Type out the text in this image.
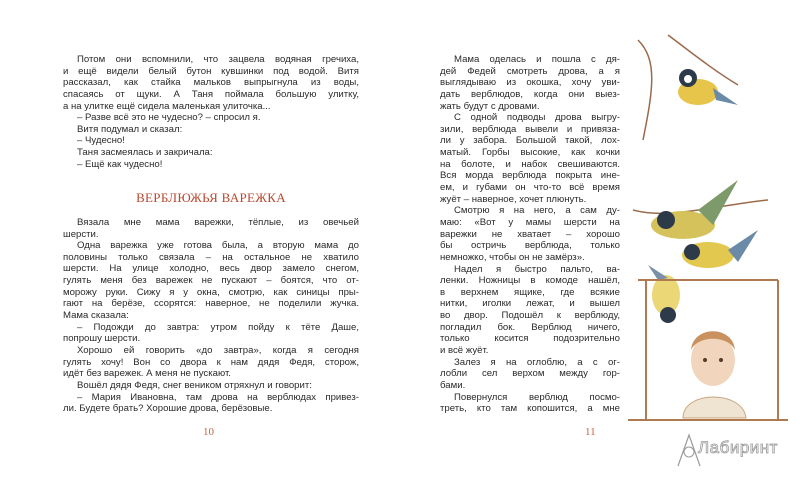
Потом они вспомнили, что зацвела водяная гречиха,
и ещё видели белый бутон кувшинки под водой. Витя
рассказал, как стайка мальков выпрыгнула из воды,
спасаясь от щуки. А Таня поймала большую улитку,
а на улитке ещё сидела маленькая улиточка...
– Разве всё это не чудесно? – спросил я.
Витя подумал и сказал:
– Чудесно!
Таня засмеялась и закричала:
– Ещё как чудесно!
ВЕРБЛЮЖЬЯ ВАРЕЖКА
Вязала мне мама варежки, тёплые, из овечьей
шерсти.
Одна варежка уже готова была, а вторую мама до
половины только связала – на остальное не хватило
шерсти. На улице холодно, весь двор замело снегом,
гулять меня без варежек не пускают – боятся, что от-
морожу руки. Сижу я у окна, смотрю, как синицы пры-
гают на берёзе, ссорятся: наверное, не поделили жучка.
Мама сказала:
– Подожди до завтра: утром пойду к тёте Даше,
попрошу шерсти.
Хорошо ей говорить «до завтра», когда я сегодня
гулять хочу! Вон со двора к нам дядя Федя, сторож,
идёт без варежек. А меня не пускают.
Вошёл дядя Федя, снег веником отряхнул и говорит:
– Мария Ивановна, там дрова на верблюдах привез-
ли. Будете брать? Хорошие дрова, берёзовые.
Мама оделась и пошла с дя-
дей Федей смотреть дрова, а я
выглядываю из окошка, хочу уви-
дать верблюдов, когда они выез-
жать будут с дровами.
С одной подводы дрова выгру-
зили, верблюда вывели и привяза-
ли у забора. Большой такой, лох-
матый. Горбы высокие, как кочки
на болоте, и набок свешиваются.
Вся морда верблюда покрыта ине-
ем, и губами он что-то всё время
жуёт – наверное, хочет плюнуть.
Смотрю я на него, а сам ду-
маю: «Вот у мамы шерсти на
варежки не хватает – хорошо
бы остричь верблюда, только
немножко, чтобы он не замёрз».
Надел я быстро пальто, ва-
ленки. Ножницы в комоде нашёл,
в верхнем ящике, где всякие
нитки, иголки лежат, и вышел
во двор. Подошёл к верблюду,
погладил бок. Верблюд ничего,
только косится подозрительно
и всё жуёт.
Залез я на оглоблю, а с ог-
лобли сел верхом между гор-
бами.
Повернулся верблюд посмо-
треть, кто там копошится, а мне
10	11
Лабиринт
